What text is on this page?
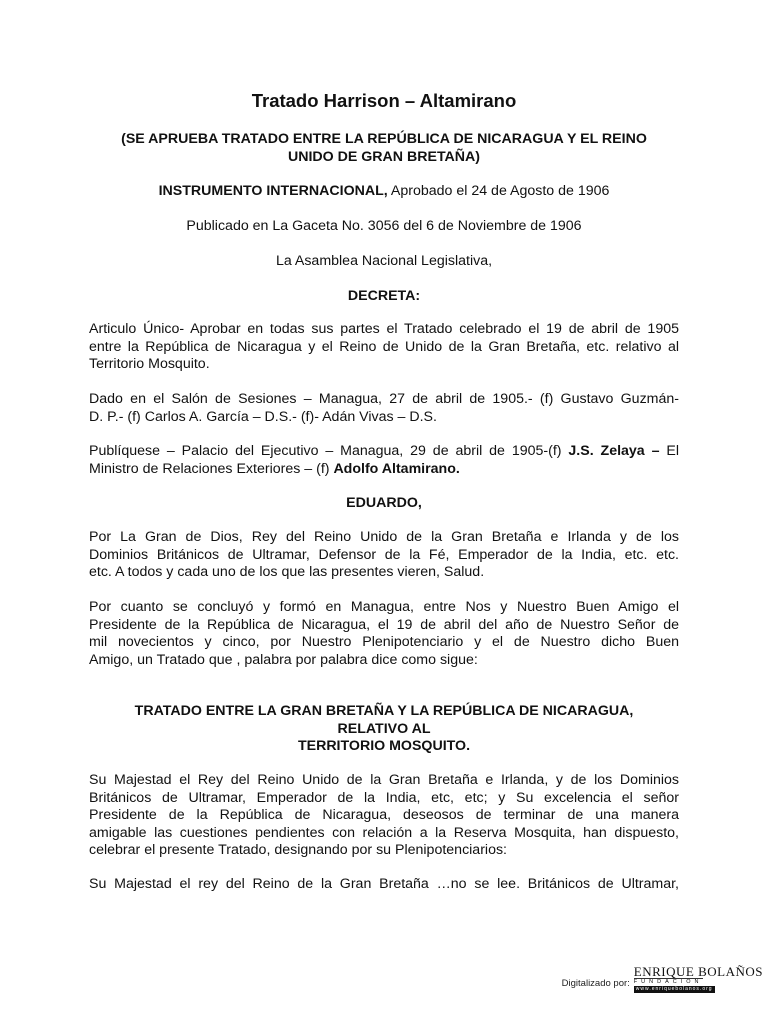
Tratado Harrison – Altamirano
(SE APRUEBA TRATADO ENTRE LA REPÚBLICA DE NICARAGUA Y EL REINO
UNIDO DE GRAN BRETAÑA)
INSTRUMENTO INTERNACIONAL, Aprobado el 24 de Agosto de 1906
Publicado en La Gaceta No. 3056 del 6 de Noviembre de 1906
La Asamblea Nacional Legislativa,
DECRETA:
Articulo Único- Aprobar en todas sus partes el Tratado celebrado el 19 de abril de 1905
entre la República de Nicaragua y el Reino de Unido de la Gran Bretaña, etc. relativo al
Territorio Mosquito.
Dado en el Salón de Sesiones – Managua, 27 de abril de 1905.- (f) Gustavo Guzmán-
D. P.- (f) Carlos A. García – D.S.- (f)- Adán Vivas – D.S.
Publíquese – Palacio del Ejecutivo – Managua, 29 de abril de 1905-(f) J.S. Zelaya – El
Ministro de Relaciones Exteriores – (f) Adolfo Altamirano.
EDUARDO,
Por La Gran de Dios, Rey del Reino Unido de la Gran Bretaña e Irlanda y de los
Dominios Británicos de Ultramar, Defensor de la Fé, Emperador de la India, etc. etc.
etc. A todos y cada uno de los que las presentes vieren, Salud.
Por cuanto se concluyó y formó en Managua, entre Nos y Nuestro Buen Amigo el
Presidente de la República de Nicaragua, el 19 de abril del año de Nuestro Señor de
mil novecientos y cinco, por Nuestro Plenipotenciario y el de Nuestro dicho Buen
Amigo, un Tratado que , palabra por palabra dice como sigue:
TRATADO ENTRE LA GRAN BRETAÑA Y LA REPÚBLICA DE NICARAGUA,
RELATIVO AL
TERRITORIO MOSQUITO.
Su Majestad el Rey del Reino Unido de la Gran Bretaña e Irlanda, y de los Dominios
Británicos de Ultramar, Emperador de la India, etc, etc; y Su excelencia el señor
Presidente de la República de Nicaragua, deseosos de terminar de una manera
amigable las cuestiones pendientes con relación a la Reserva Mosquita, han dispuesto,
celebrar el presente Tratado, designando por su Plenipotenciarios:
Su Majestad el rey del Reino de la Gran Bretaña …no se lee. Británicos de Ultramar,
Digitalizado por:
ENRIQUE BOLAÑOS
FUNDACION
www.enriquebolanos.org
